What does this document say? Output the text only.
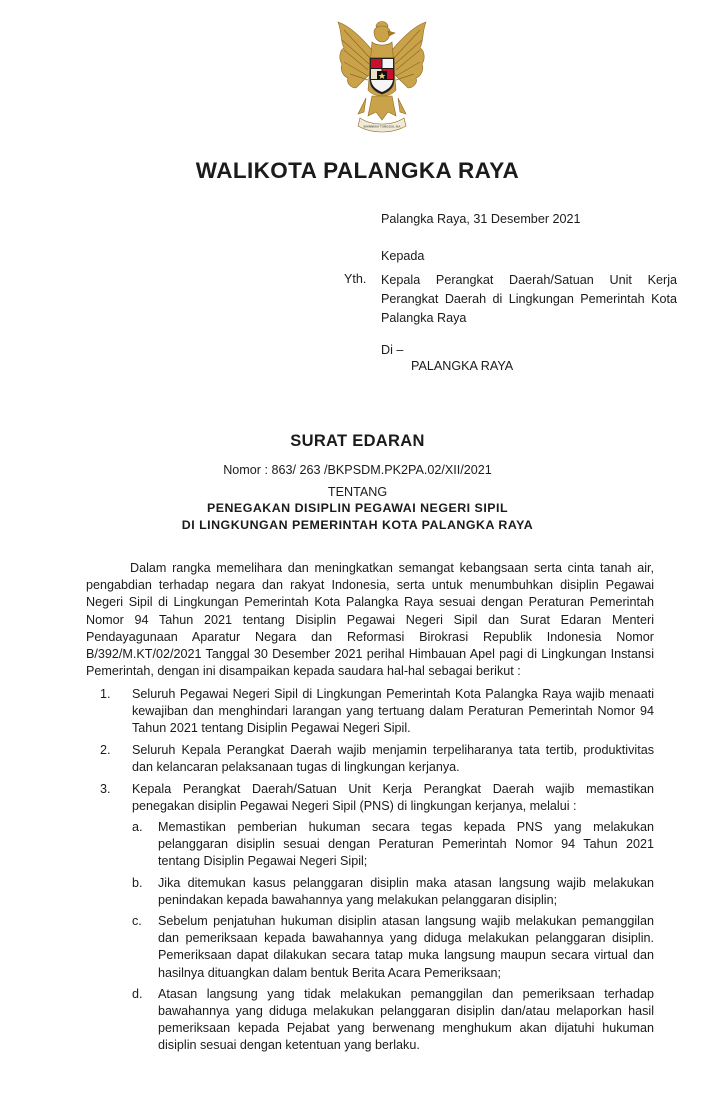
BHINNEKA TUNGGAL IKA
WALIKOTA PALANGKA RAYA
Palangka Raya, 31 Desember 2021
Kepada
Yth. Kepala Perangkat Daerah/Satuan Unit Kerja Perangkat Daerah di Lingkungan Pemerintah Kota Palangka Raya
Di –
PALANGKA RAYA
SURAT EDARAN
Nomor : 863/ 263 /BKPSDM.PK2PA.02/XII/2021
TENTANG
PENEGAKAN DISIPLIN PEGAWAI NEGERI SIPIL
DI LINGKUNGAN PEMERINTAH KOTA PALANGKA RAYA

Dalam rangka memelihara dan meningkatkan semangat kebangsaan serta cinta tanah air, pengabdian terhadap negara dan rakyat Indonesia, serta untuk menumbuhkan disiplin Pegawai Negeri Sipil di Lingkungan Pemerintah Kota Palangka Raya sesuai dengan Peraturan Pemerintah Nomor 94 Tahun 2021 tentang Disiplin Pegawai Negeri Sipil dan Surat Edaran Menteri Pendayagunaan Aparatur Negara dan Reformasi Birokrasi Republik Indonesia Nomor B/392/M.KT/02/2021 Tanggal 30 Desember 2021 perihal Himbauan Apel pagi di Lingkungan Instansi Pemerintah, dengan ini disampaikan kepada saudara hal-hal sebagai berikut :

1.	Seluruh Pegawai Negeri Sipil di Lingkungan Pemerintah Kota Palangka Raya wajib menaati kewajiban dan menghindari larangan yang tertuang dalam Peraturan Pemerintah Nomor 94 Tahun 2021 tentang Disiplin Pegawai Negeri Sipil.
2.	Seluruh Kepala Perangkat Daerah wajib menjamin terpeliharanya tata tertib, produktivitas dan kelancaran pelaksanaan tugas di lingkungan kerjanya.
3.	Kepala Perangkat Daerah/Satuan Unit Kerja Perangkat Daerah wajib memastikan penegakan disiplin Pegawai Negeri Sipil (PNS) di lingkungan kerjanya, melalui :
a.	Memastikan pemberian hukuman secara tegas kepada PNS yang melakukan pelanggaran disiplin sesuai dengan Peraturan Pemerintah Nomor 94 Tahun 2021 tentang Disiplin Pegawai Negeri Sipil;
b.	Jika ditemukan kasus pelanggaran disiplin maka atasan langsung wajib melakukan penindakan kepada bawahannya yang melakukan pelanggaran disiplin;
c.	Sebelum penjatuhan hukuman disiplin atasan langsung wajib melakukan pemanggilan dan pemeriksaan kepada bawahannya yang diduga melakukan pelanggaran disiplin. Pemeriksaan dapat dilakukan secara tatap muka langsung maupun secara virtual dan hasilnya dituangkan dalam bentuk Berita Acara Pemeriksaan;
d.	Atasan langsung yang tidak melakukan pemanggilan dan pemeriksaan terhadap bawahannya yang diduga melakukan pelanggaran disiplin dan/atau melaporkan hasil pemeriksaan kepada Pejabat yang berwenang menghukum akan dijatuhi hukuman disiplin sesuai dengan ketentuan yang berlaku.
